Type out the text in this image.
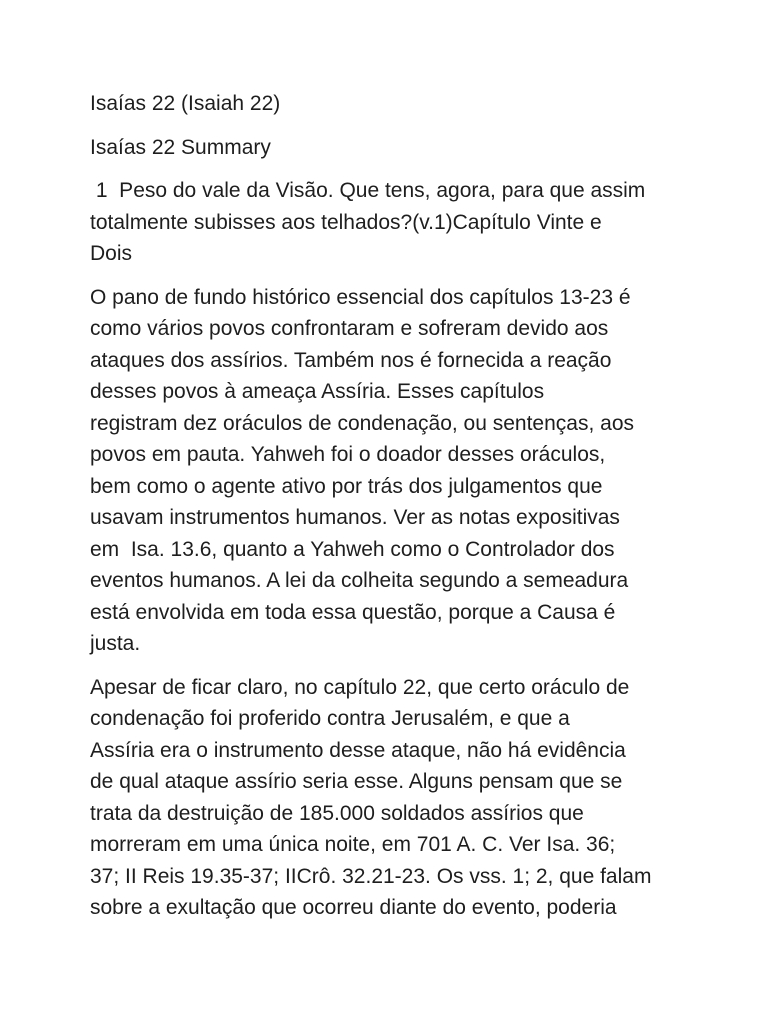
Isaías 22 (Isaiah 22)

Isaías 22 Summary

1  Peso do vale da Visão. Que tens, agora, para que assim
totalmente subisses aos telhados?(v.1)Capítulo Vinte e
Dois

O pano de fundo histórico essencial dos capítulos 13-23 é
como vários povos confrontaram e sofreram devido aos
ataques dos assírios. Também nos é fornecida a reação
desses povos à ameaça Assíria. Esses capítulos
registram dez oráculos de condenação, ou sentenças, aos
povos em pauta. Yahweh foi o doador desses oráculos,
bem como o agente ativo por trás dos julgamentos que
usavam instrumentos humanos. Ver as notas expositivas
em  Isa. 13.6, quanto a Yahweh como o Controlador dos
eventos humanos. A lei da colheita segundo a semeadura
está envolvida em toda essa questão, porque a Causa é
justa.

Apesar de ficar claro, no capítulo 22, que certo oráculo de
condenação foi proferido contra Jerusalém, e que a
Assíria era o instrumento desse ataque, não há evidência
de qual ataque assírio seria esse. Alguns pensam que se
trata da destruição de 185.000 soldados assírios que
morreram em uma única noite, em 701 A. C. Ver Isa. 36;
37; II Reis 19.35-37; IICrô. 32.21-23. Os vss. 1; 2, que falam
sobre a exultação que ocorreu diante do evento, poderia
